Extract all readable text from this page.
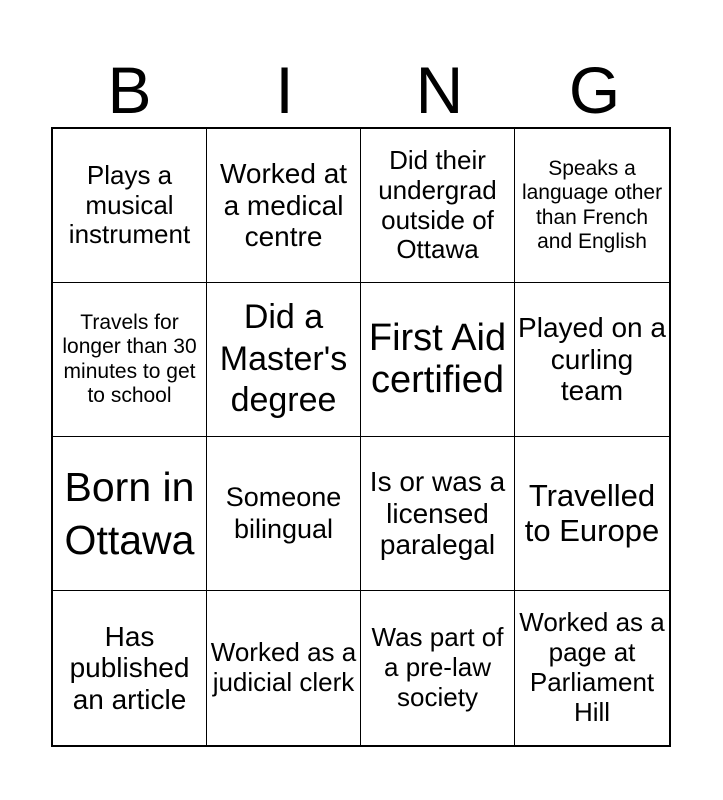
B	I	N	G
Plays a musical instrument
Worked at a medical centre
Did their undergrad outside of Ottawa
Speaks a language other than French and English
Travels for longer than 30 minutes to get to school
Did a Master's degree
First Aid certified
Played on a curling team
Born in Ottawa
Someone bilingual
Is or was a licensed paralegal
Travelled to Europe
Has published an article
Worked as a judicial clerk
Was part of a pre-law society
Worked as a page at Parliament Hill
